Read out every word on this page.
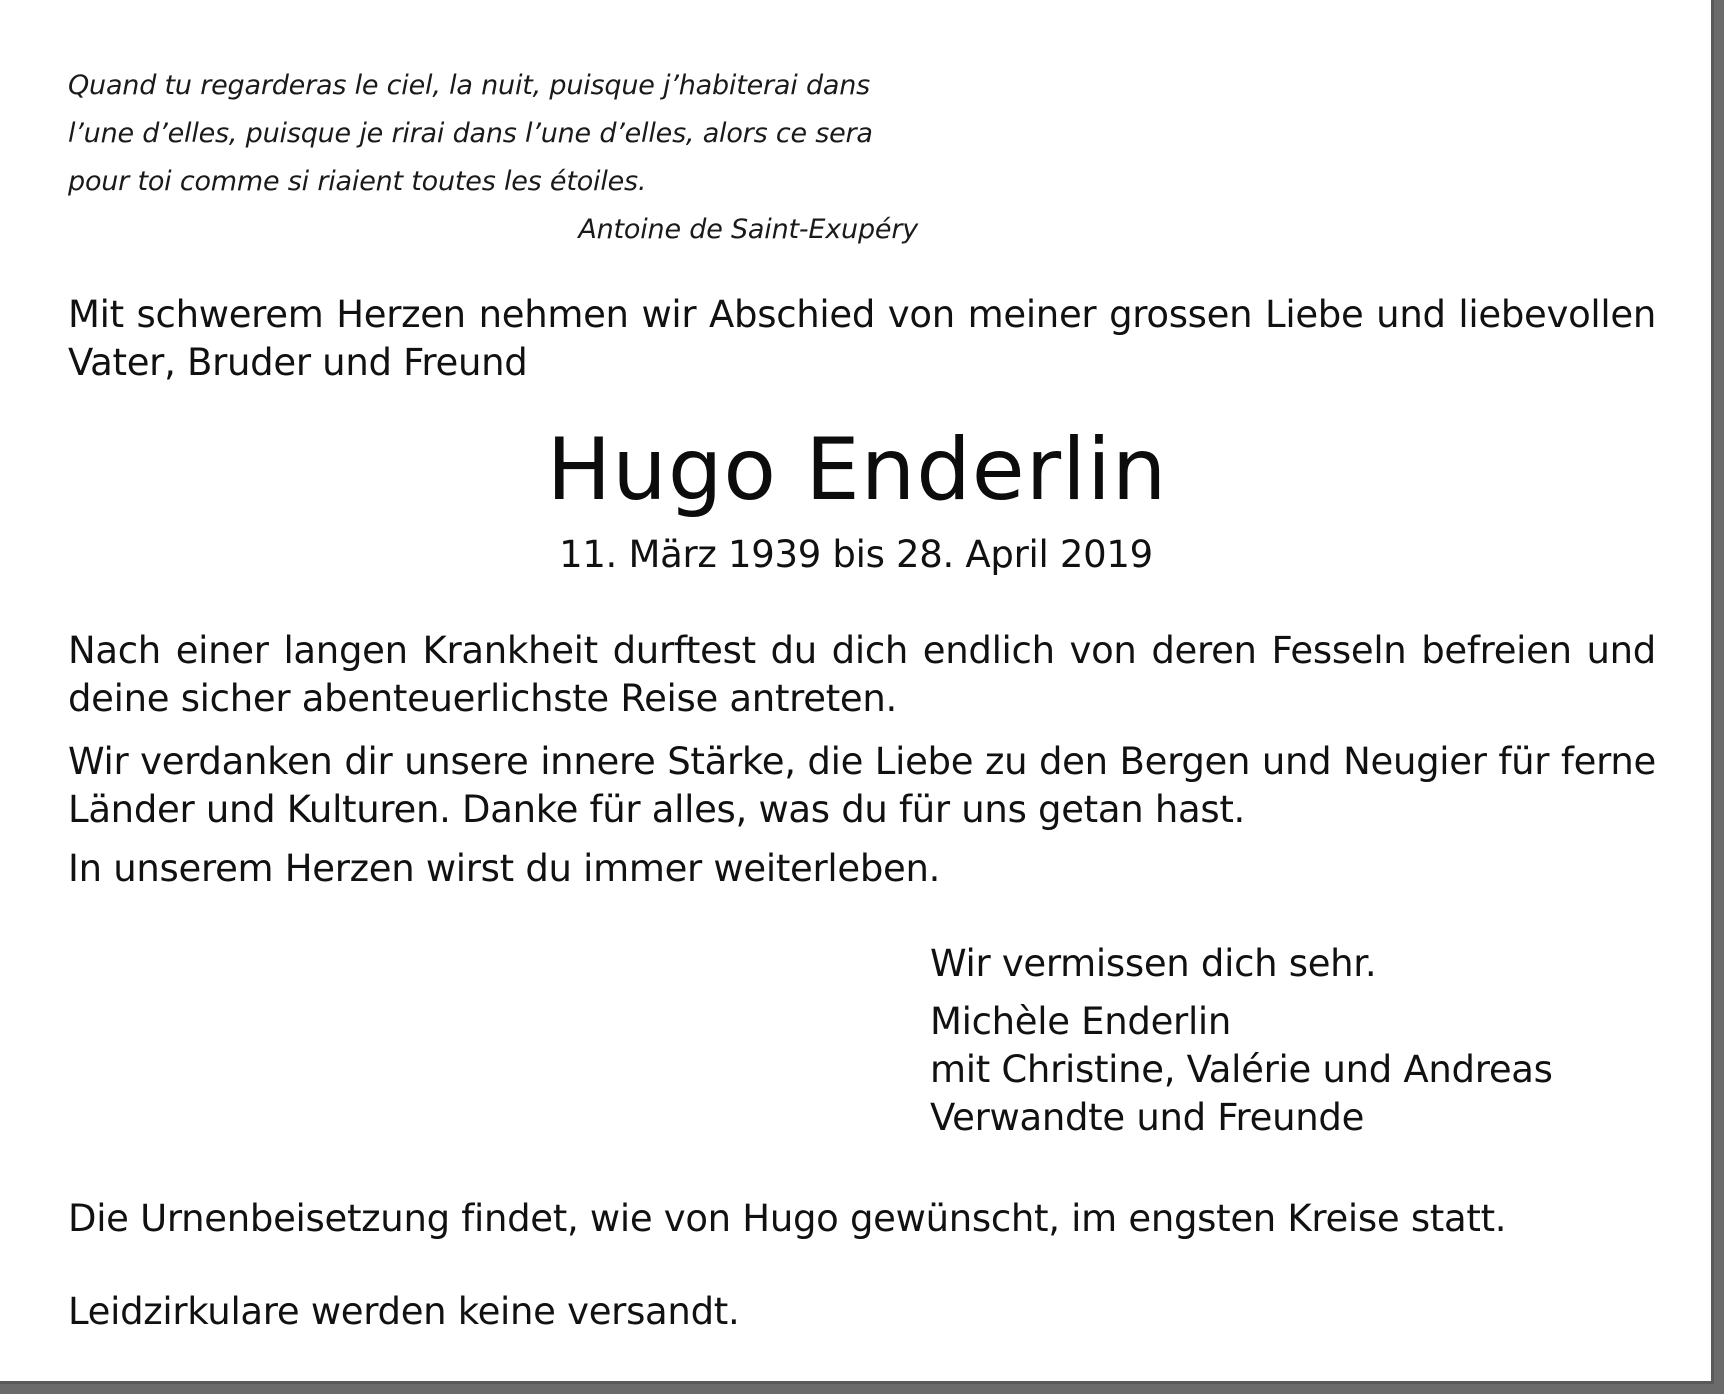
Quand tu regarderas le ciel, la nuit, puisque j’habiterai dans
l’une d’elles, puisque je rirai dans l’une d’elles, alors ce sera
pour toi comme si riaient toutes les étoiles.
Antoine de Saint-Exupéry
Mit schwerem Herzen nehmen wir Abschied von meiner grossen Liebe und liebevollen Vater, Bruder und Freund
Hugo Enderlin
11. März 1939 bis 28. April 2019
Nach einer langen Krankheit durftest du dich endlich von deren Fesseln befreien und deine sicher abenteuerlichste Reise antreten.
Wir verdanken dir unsere innere Stärke, die Liebe zu den Bergen und Neugier für ferne Länder und Kulturen. Danke für alles, was du für uns getan hast.
In unserem Herzen wirst du immer weiterleben.
Wir vermissen dich sehr.
Michèle Enderlin
mit Christine, Valérie und Andreas
Verwandte und Freunde
Die Urnenbeisetzung findet, wie von Hugo gewünscht, im engsten Kreise statt.
Leidzirkulare werden keine versandt.
